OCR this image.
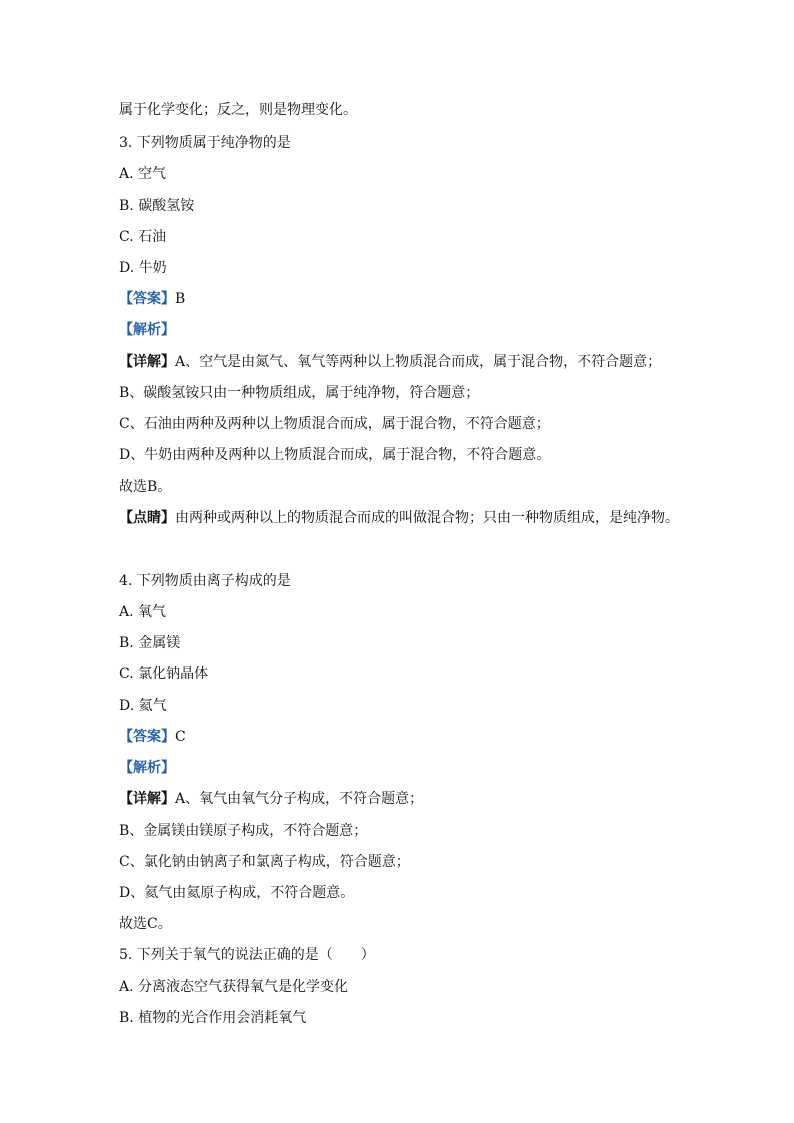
属于化学变化；反之，则是物理变化。
3. 下列物质属于纯净物的是
A. 空气
B. 碳酸氢铵
C. 石油
D. 牛奶
【答案】B
【解析】
【详解】A、空气是由氮气、氧气等两种以上物质混合而成，属于混合物，不符合题意；
B、碳酸氢铵只由一种物质组成，属于纯净物，符合题意；
C、石油由两种及两种以上物质混合而成，属于混合物，不符合题意；
D、牛奶由两种及两种以上物质混合而成，属于混合物，不符合题意。
故选B。
【点睛】由两种或两种以上的物质混合而成的叫做混合物；只由一种物质组成，是纯净物。
4. 下列物质由离子构成的是
A. 氧气
B. 金属镁
C. 氯化钠晶体
D. 氦气
【答案】C
【解析】
【详解】A、氧气由氧气分子构成，不符合题意；
B、金属镁由镁原子构成，不符合题意；
C、氯化钠由钠离子和氯离子构成，符合题意；
D、氦气由氦原子构成，不符合题意。
故选C。
5. 下列关于氧气的说法正确的是（　　）
A. 分离液态空气获得氧气是化学变化
B. 植物的光合作用会消耗氧气
